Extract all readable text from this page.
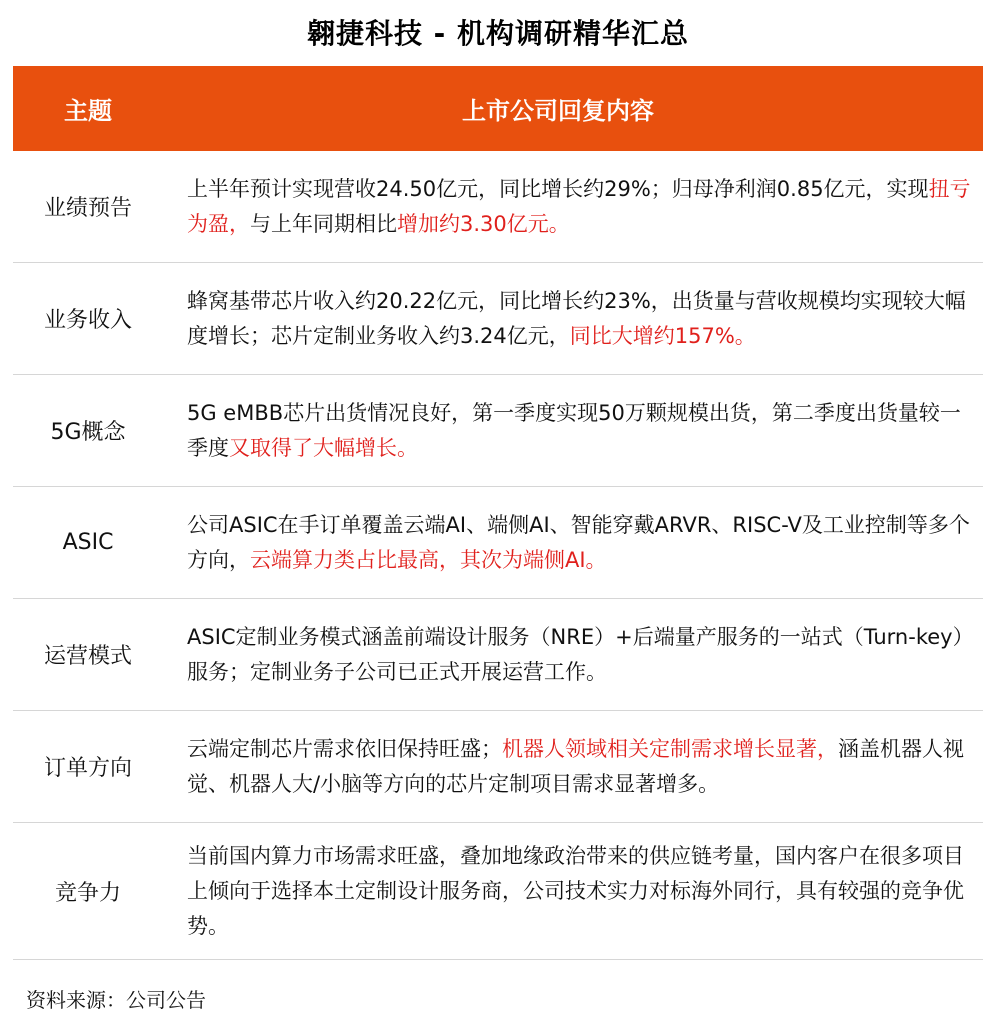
翱捷科技 - 机构调研精华汇总
主题	上市公司回复内容
业绩预告
上半年预计实现营收24.50亿元，同比增长约29%；归母净利润0.85亿元，实现扭亏为盈，与上年同期相比增加约3.30亿元。
业务收入
蜂窝基带芯片收入约20.22亿元，同比增长约23%，出货量与营收规模均实现较大幅度增长；芯片定制业务收入约3.24亿元，同比大增约157%。
5G概念
5G eMBB芯片出货情况良好，第一季度实现50万颗规模出货，第二季度出货量较一季度又取得了大幅增长。
ASIC
公司ASIC在手订单覆盖云端AI、端侧AI、智能穿戴ARVR、RISC-V及工业控制等多个方向，云端算力类占比最高，其次为端侧AI。
运营模式
ASIC定制业务模式涵盖前端设计服务（NRE）+后端量产服务的一站式（Turn-key）服务；定制业务子公司已正式开展运营工作。
订单方向
云端定制芯片需求依旧保持旺盛；机器人领域相关定制需求增长显著，涵盖机器人视觉、机器人大/小脑等方向的芯片定制项目需求显著增多。
竞争力
当前国内算力市场需求旺盛，叠加地缘政治带来的供应链考量，国内客户在很多项目上倾向于选择本土定制设计服务商，公司技术实力对标海外同行，具有较强的竞争优势。
资料来源：公司公告
